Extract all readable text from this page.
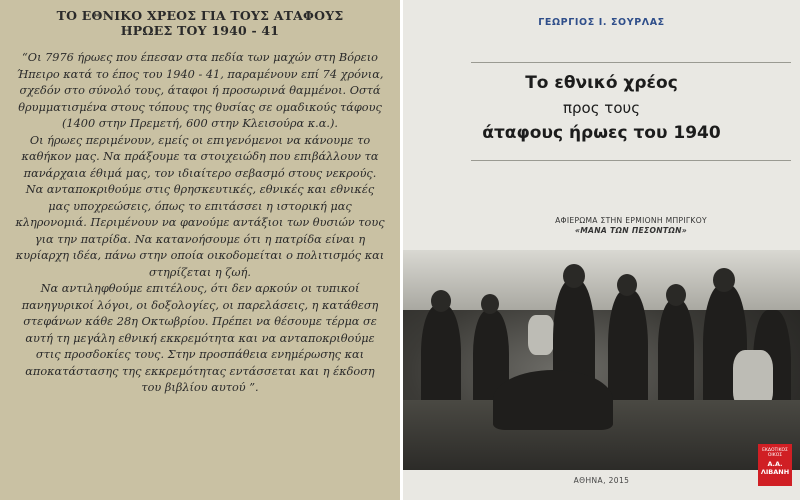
ΤΟ ΕΘΝΙΚΟ ΧΡΕΟΣ ΓΙΑ ΤΟΥΣ ΑΤΑΦΟΥΣ
ΗΡΩΕΣ ΤΟΥ 1940 - 41

“Οι 7976 ήρωες που έπεσαν στα πεδία των μαχών στη Βόρειο Ήπειρο κατά το έπος του 1940 - 41, παραμένουν επί 74 χρόνια, σχεδόν στο σύνολό τους, άταφοι ή προσωρινά θαμμένοι. Οστά θρυμματισμένα στους τόπους της θυσίας σε ομαδικούς τάφους (1400 στην Πρεμετή, 600 στην Κλεισούρα κ.α.).

Οι ήρωες περιμένουν, εμείς οι επιγενόμενοι να κάνουμε το καθήκον μας. Να πράξουμε τα στοιχειώδη που επιβάλλουν τα πανάρχαια έθιμά μας, τον ιδιαίτερο σεβασμό στους νεκρούς. Να ανταποκριθούμε στις θρησκευτικές, εθνικές και εθνικές μας υποχρεώσεις, όπως το επιτάσσει η ιστορική μας κληρονομιά. Περιμένουν να φανούμε αντάξιοι των θυσιών τους για την πατρίδα. Να κατανοήσουμε ότι η πατρίδα είναι η κυρίαρχη ιδέα, πάνω στην οποία οικοδομείται ο πολιτισμός και στηρίζεται η ζωή.

Να αντιληφθούμε επιτέλους, ότι δεν αρκούν οι τυπικοί πανηγυρικοί λόγοι, οι δοξολογίες, οι παρελάσεις, η κατάθεση στεφάνων κάθε 28η Οκτωβρίου. Πρέπει να θέσουμε τέρμα σε αυτή τη μεγάλη εθνική εκκρεμότητα και να ανταποκριθούμε στις προσδοκίες τους. Στην προσπάθεια ενημέρωσης και αποκατάστασης της εκκρεμότητας εντάσσεται και η έκδοση του βιβλίου αυτού ”.

ΓΕΩΡΓΙΟΣ Ι. ΣΟΥΡΛΑΣ
Το εθνικό χρέος
προς τους
άταφους ήρωες του 1940
ΑΦΙΕΡΩΜΑ ΣΤΗΝ ΕΡΜΙΟΝΗ ΜΠΡΙΓΚΟΥ
«ΜΑΝΑ ΤΩΝ ΠΕΣΟΝΤΩΝ»
ΑΘΗΝΑ, 2015
ΕΚΔΟΤΙΚΟΣ ΟΙΚΟΣ
Α.Α. ΛΙΒΑΝΗ
